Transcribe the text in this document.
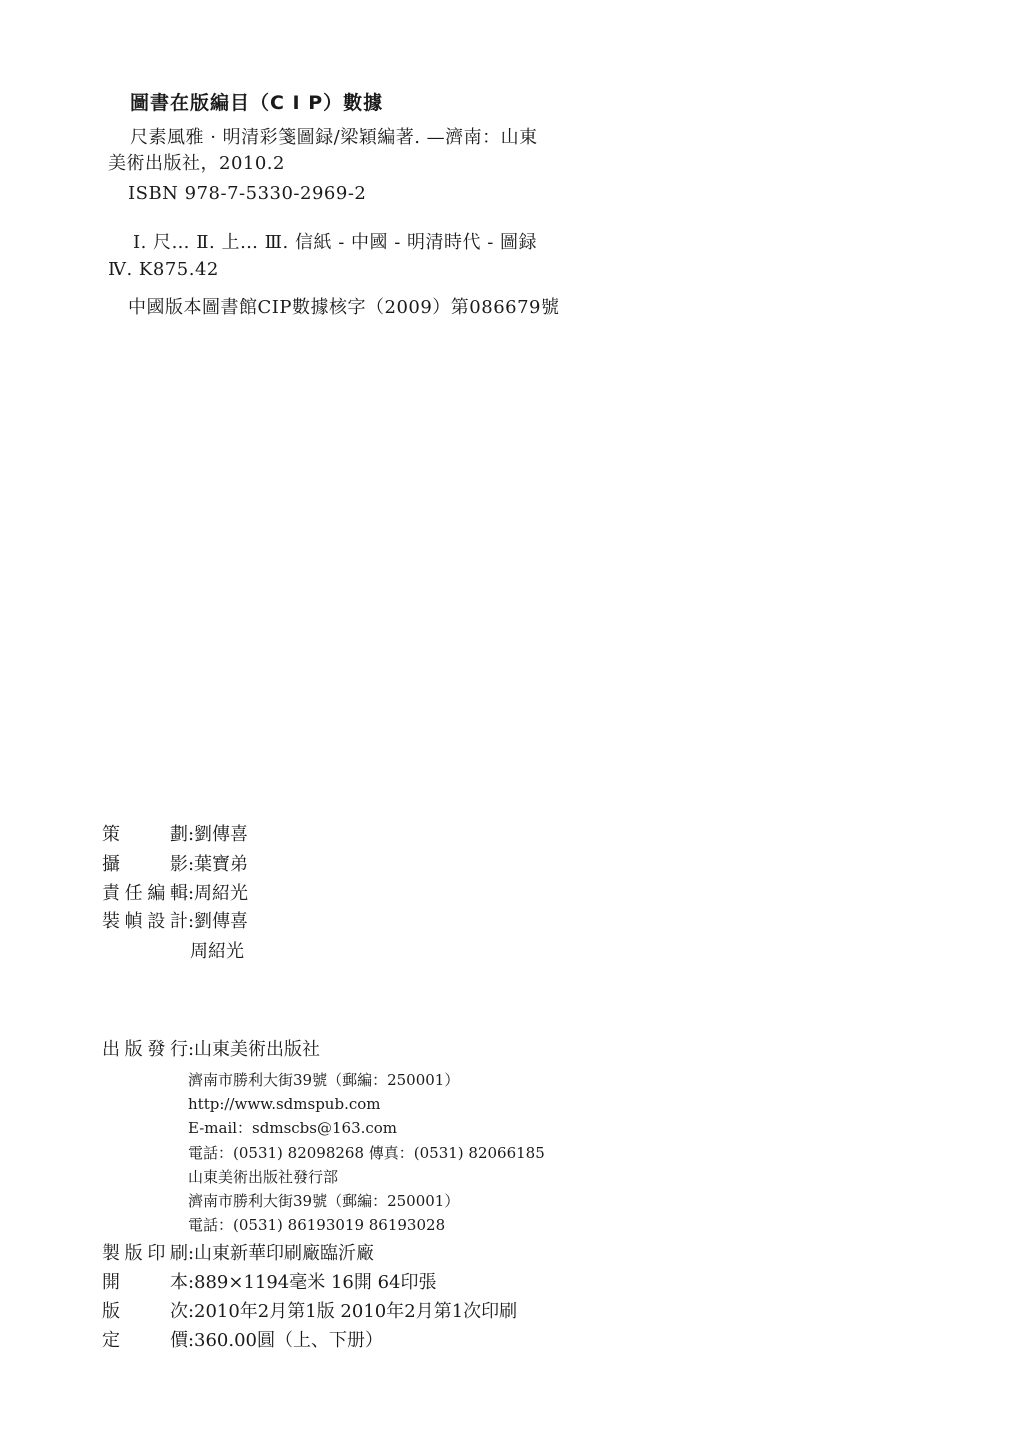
圖書在版編目（C I P）數據
尺素風雅 · 明清彩箋圖録/梁穎編著. —濟南：山東
美術出版社，2010.2
ISBN 978-7-5330-2969-2
Ⅰ. 尺… Ⅱ. 上… Ⅲ. 信紙 - 中國 - 明清時代 - 圖録
Ⅳ. K875.42
中國版本圖書館CIP數據核字（2009）第086679號
策劃:劉傳喜
攝影:葉寶弟
責任編輯:周紹光
裝幀設計:劉傳喜
周紹光
出版發行:山東美術出版社
濟南市勝利大街39號（郵編：250001）
http://www.sdmspub.com
E-mail：sdmscbs@163.com
電話：(0531) 82098268 傳真：(0531) 82066185
山東美術出版社發行部
濟南市勝利大街39號（郵編：250001）
電話：(0531) 86193019 86193028
製版印刷:山東新華印刷廠臨沂廠
開本:889×1194毫米 16開 64印張
版次:2010年2月第1版 2010年2月第1次印刷
定價:360.00圓（上、下册）
